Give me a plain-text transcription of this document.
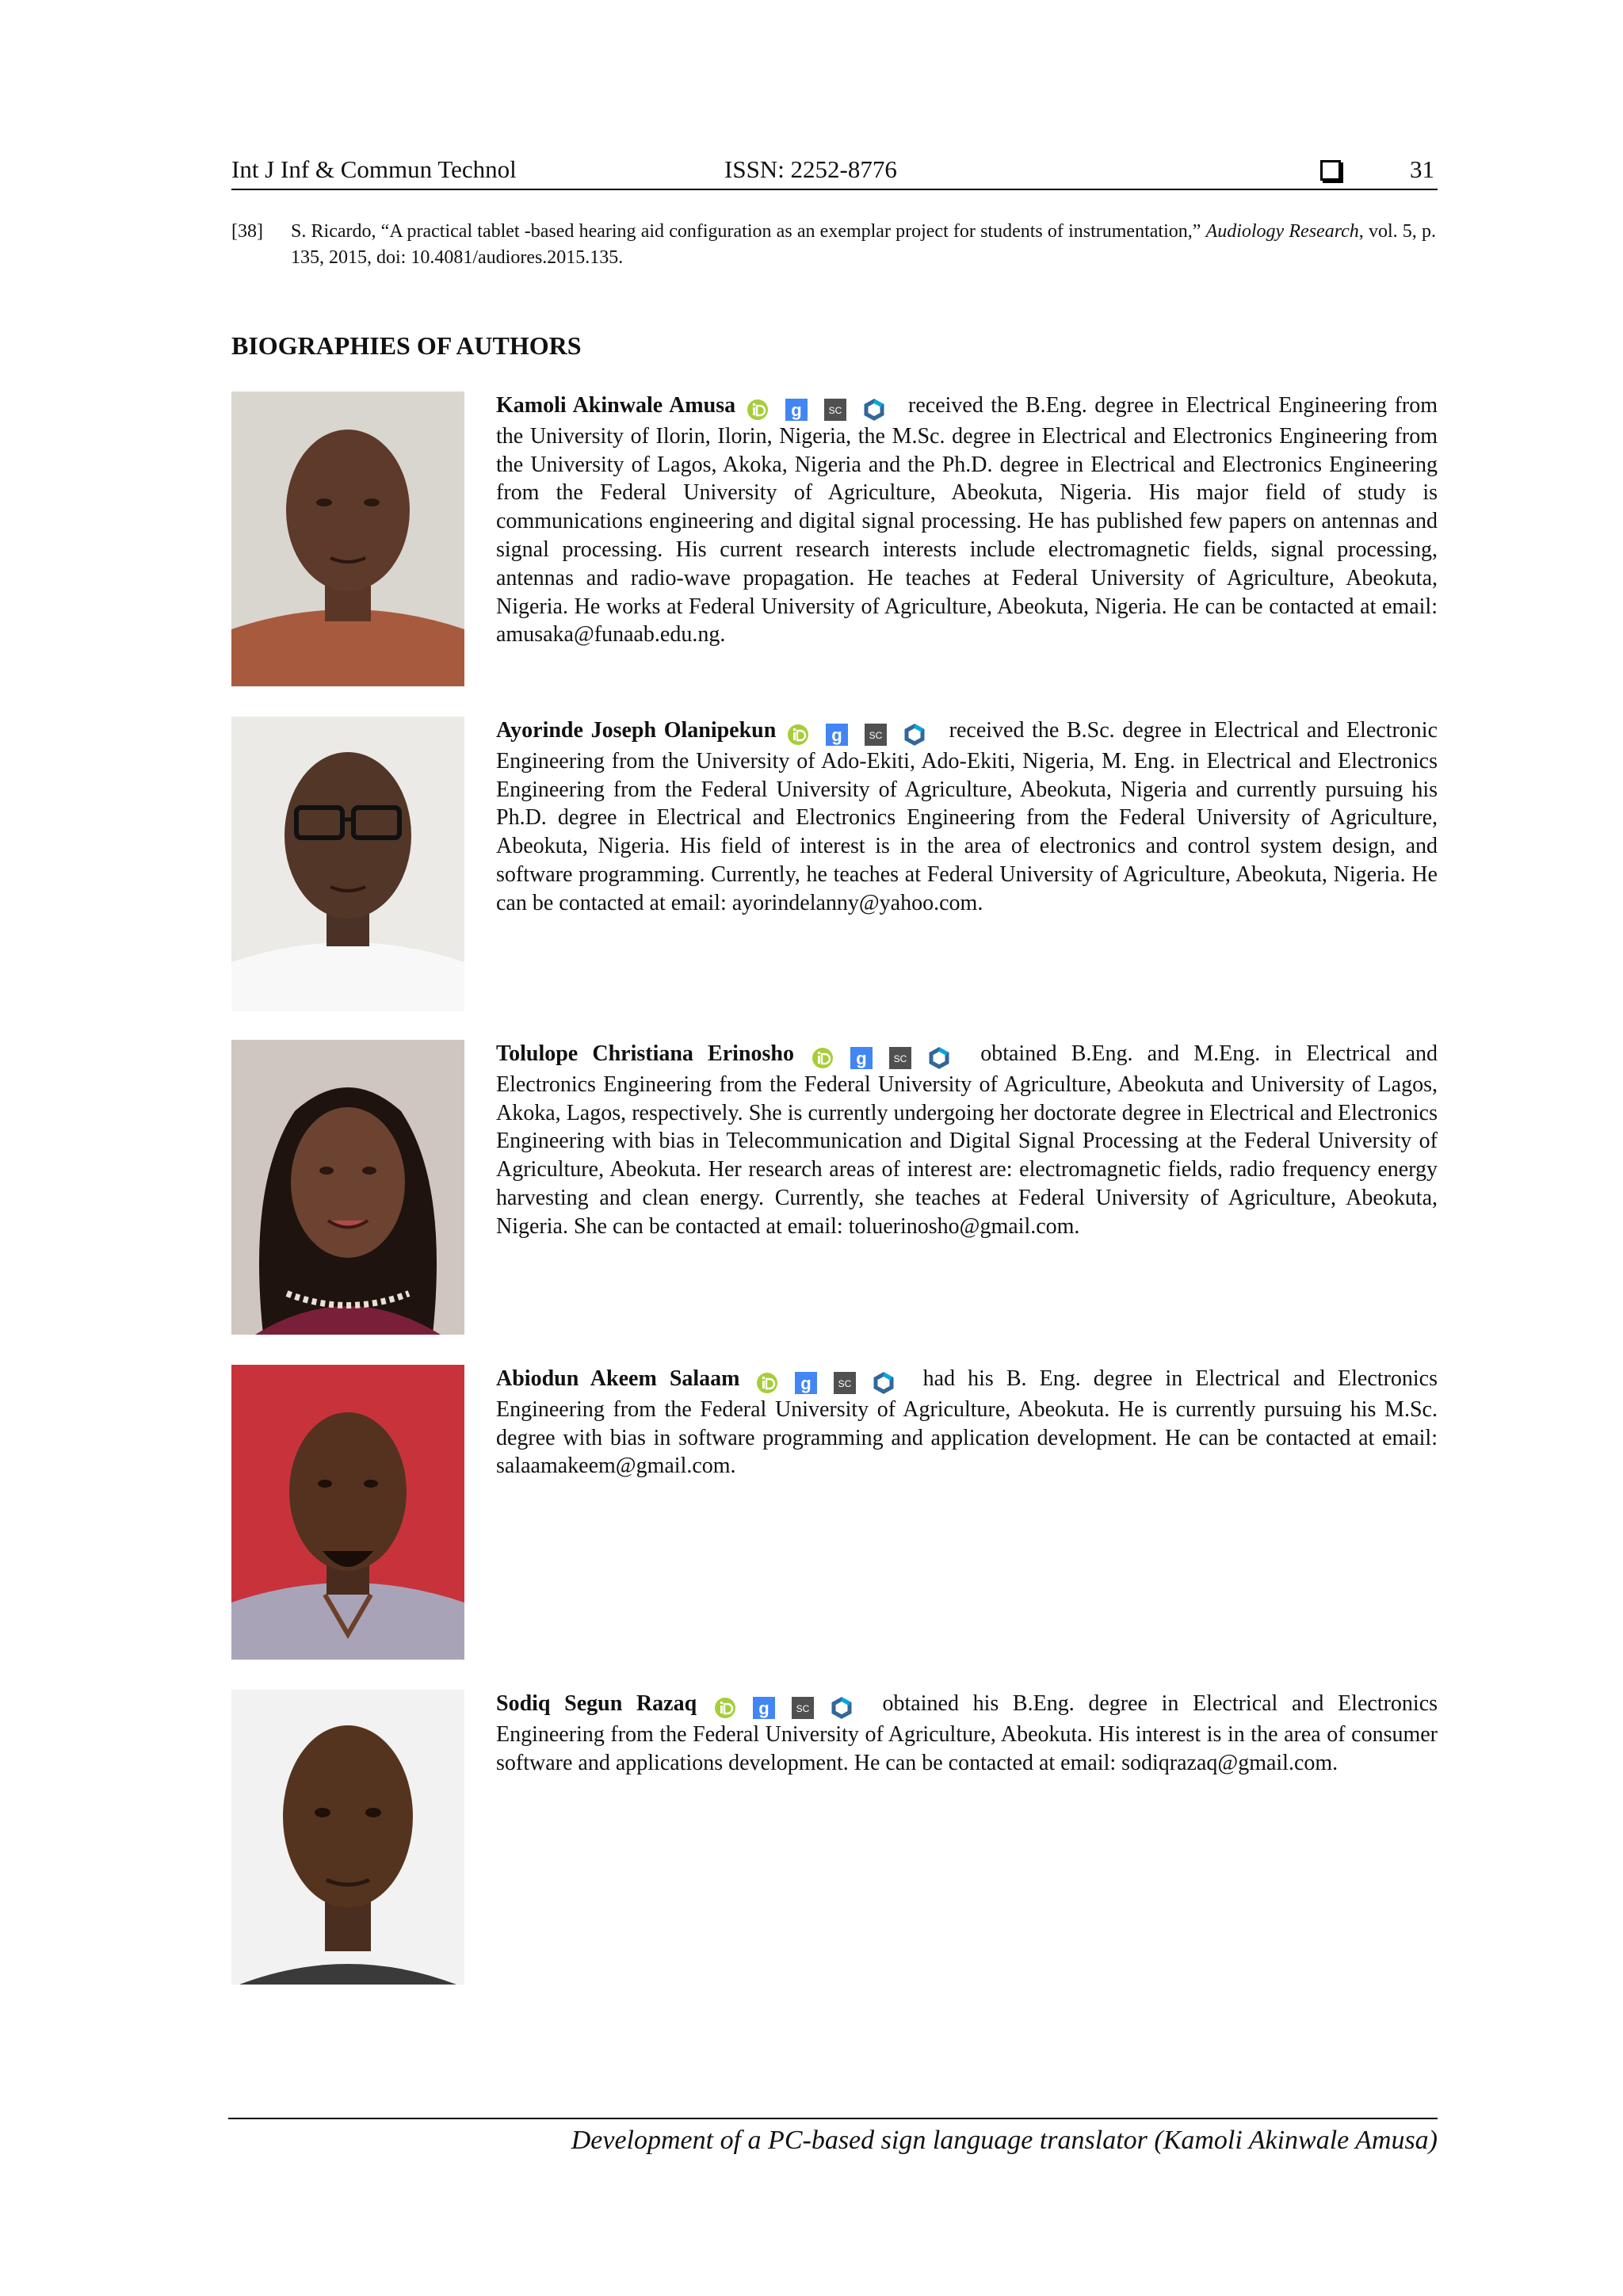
Int J Inf & Commun Technol	ISSN: 2252-8776	31
[38] S. Ricardo, “A practical tablet -based hearing aid configuration as an exemplar project for students of instrumentation,” Audiology Research, vol. 5, p. 135, 2015, doi: 10.4081/audiores.2015.135.
BIOGRAPHIES OF AUTHORS
Kamoli Akinwale Amusa
	g
	SC
	received the B.Eng. degree in Electrical Engineering from the University of Ilorin, Ilorin, Nigeria, the M.Sc. degree in Electrical and Electronics Engineering from the University of Lagos, Akoka, Nigeria and the Ph.D. degree in Electrical and Electronics Engineering from the Federal University of Agriculture, Abeokuta, Nigeria. His major field of study is communications engineering and digital signal processing. He has published few papers on antennas and signal processing. His current research interests include electromagnetic fields, signal processing, antennas and radio-wave propagation. He teaches at Federal University of Agriculture, Abeokuta, Nigeria. He works at Federal University of Agriculture, Abeokuta, Nigeria. He can be contacted at email: amusaka@funaab.edu.ng.
Ayorinde Joseph Olanipekun
	g
	SC
	received the B.Sc. degree in Electrical and Electronic Engineering from the University of Ado-Ekiti, Ado-Ekiti, Nigeria, M. Eng. in Electrical and Electronics Engineering from the Federal University of Agriculture, Abeokuta, Nigeria and currently pursuing his Ph.D. degree in Electrical and Electronics Engineering from the Federal University of Agriculture, Abeokuta, Nigeria. His field of interest is in the area of electronics and control system design, and software programming. Currently, he teaches at Federal University of Agriculture, Abeokuta, Nigeria. He can be contacted at email: ayorindelanny@yahoo.com.
Tolulope Christiana Erinosho
	g
	SC
	obtained B.Eng. and M.Eng. in Electrical and Electronics Engineering from the Federal University of Agriculture, Abeokuta and University of Lagos, Akoka, Lagos, respectively. She is currently undergoing her doctorate degree in Electrical and Electronics Engineering with bias in Telecommunication and Digital Signal Processing at the Federal University of Agriculture, Abeokuta. Her research areas of interest are: electromagnetic fields, radio frequency energy harvesting and clean energy. Currently, she teaches at Federal University of Agriculture, Abeokuta, Nigeria. She can be contacted at email: toluerinosho@gmail.com.
Abiodun Akeem Salaam
	g
	SC
	had his B. Eng. degree in Electrical and Electronics Engineering from the Federal University of Agriculture, Abeokuta. He is currently pursuing his M.Sc. degree with bias in software programming and application development. He can be contacted at email: salaamakeem@gmail.com.
Sodiq Segun Razaq
	g
	SC
	obtained his B.Eng. degree in Electrical and Electronics Engineering from the Federal University of Agriculture, Abeokuta. His interest is in the area of consumer software and applications development. He can be contacted at email: sodiqrazaq@gmail.com.
Development of a PC-based sign language translator (Kamoli Akinwale Amusa)
